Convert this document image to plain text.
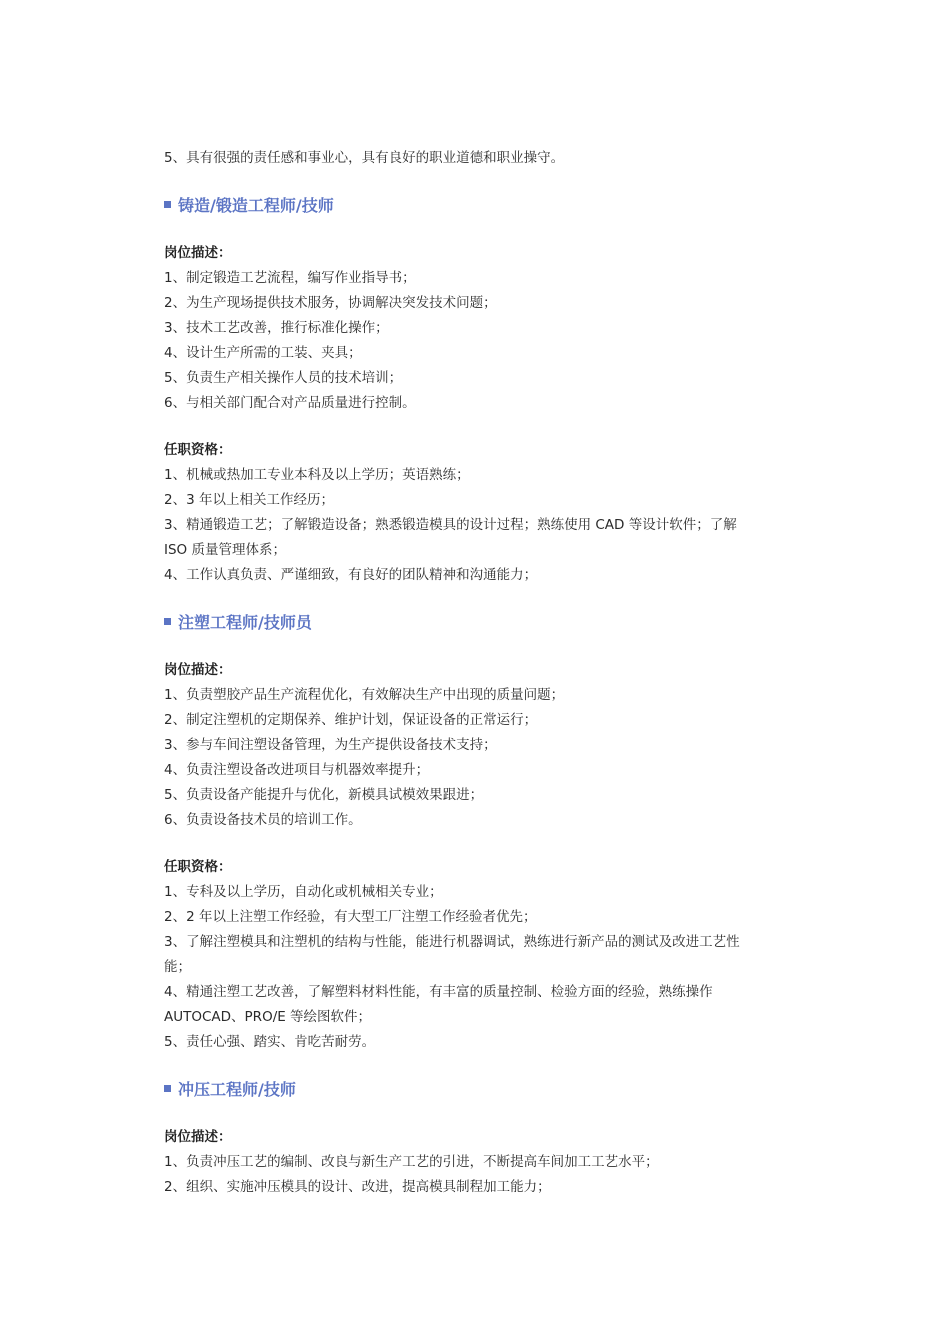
5、具有很强的责任感和事业心，具有良好的职业道德和职业操守。

铸造/锻造工程师/技师

岗位描述：

1、制定锻造工艺流程，编写作业指导书；

2、为生产现场提供技术服务，协调解决突发技术问题；

3、技术工艺改善，推行标准化操作；

4、设计生产所需的工装、夹具；

5、负责生产相关操作人员的技术培训；

6、与相关部门配合对产品质量进行控制。

任职资格：

1、机械或热加工专业本科及以上学历；英语熟练；

2、3 年以上相关工作经历；

3、精通锻造工艺；了解锻造设备；熟悉锻造模具的设计过程；熟练使用 CAD 等设计软件；了解

ISO 质量管理体系；

4、工作认真负责、严谨细致，有良好的团队精神和沟通能力；

注塑工程师/技师员

岗位描述：

1、负责塑胶产品生产流程优化，有效解决生产中出现的质量问题；

2、制定注塑机的定期保养、维护计划，保证设备的正常运行；

3、参与车间注塑设备管理，为生产提供设备技术支持；

4、负责注塑设备改进项目与机器效率提升；

5、负责设备产能提升与优化，新模具试模效果跟进；

6、负责设备技术员的培训工作。

任职资格：

1、专科及以上学历，自动化或机械相关专业；

2、2 年以上注塑工作经验，有大型工厂注塑工作经验者优先；

3、了解注塑模具和注塑机的结构与性能，能进行机器调试，熟练进行新产品的测试及改进工艺性

能；

4、精通注塑工艺改善，了解塑料材料性能，有丰富的质量控制、检验方面的经验，熟练操作

AUTOCAD、PRO/E 等绘图软件；

5、责任心强、踏实、肯吃苦耐劳。

冲压工程师/技师

岗位描述：

1、负责冲压工艺的编制、改良与新生产工艺的引进，不断提高车间加工工艺水平；

2、组织、实施冲压模具的设计、改进，提高模具制程加工能力；
